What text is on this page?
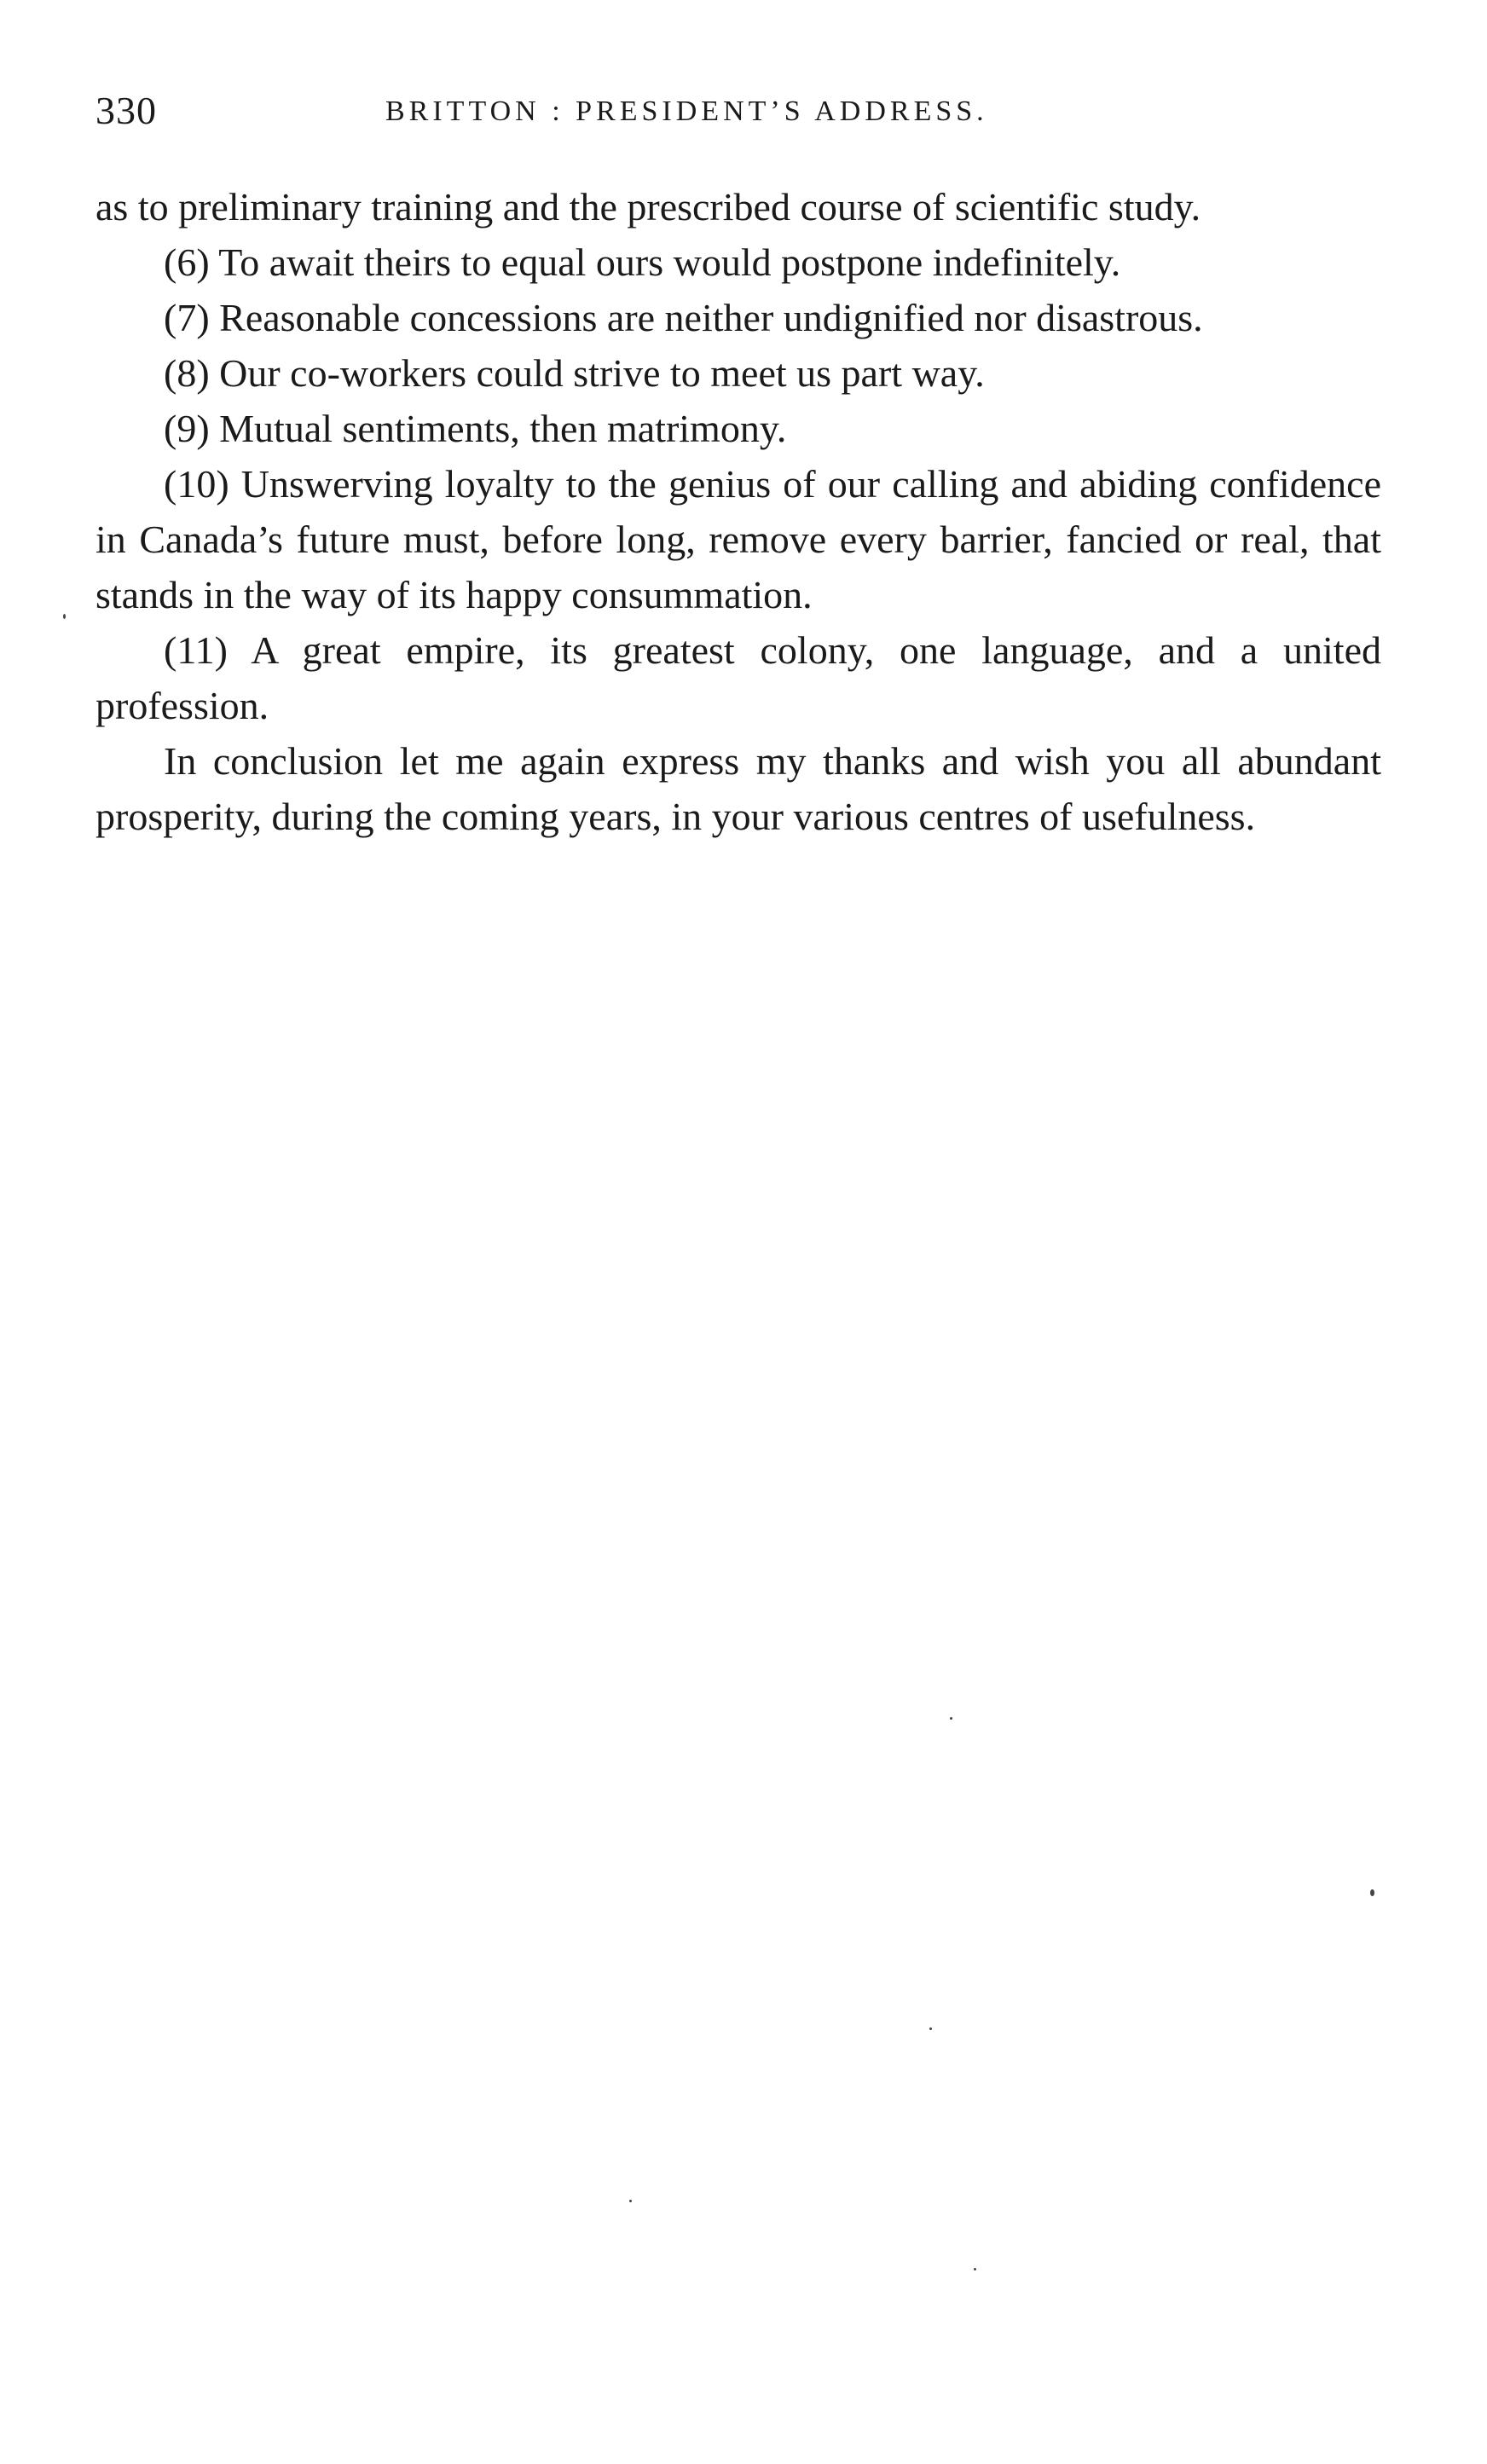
330	BRITTON : PRESIDENT’S ADDRESS.

as to preliminary training and the prescribed course of scientific study.

(6) To await theirs to equal ours would postpone indefinitely.

(7) Reasonable concessions are neither undignified nor disastrous.

(8) Our co-workers could strive to meet us part way.

(9) Mutual sentiments, then matrimony.

(10) Unswerving loyalty to the genius of our calling and abiding confidence in Canada’s future must, before long, remove every barrier, fancied or real, that stands in the way of its happy consummation.

(11) A great empire, its greatest colony, one language, and a united profession.

In conclusion let me again express my thanks and wish you all abundant prosperity, during the coming years, in your various centres of usefulness.
